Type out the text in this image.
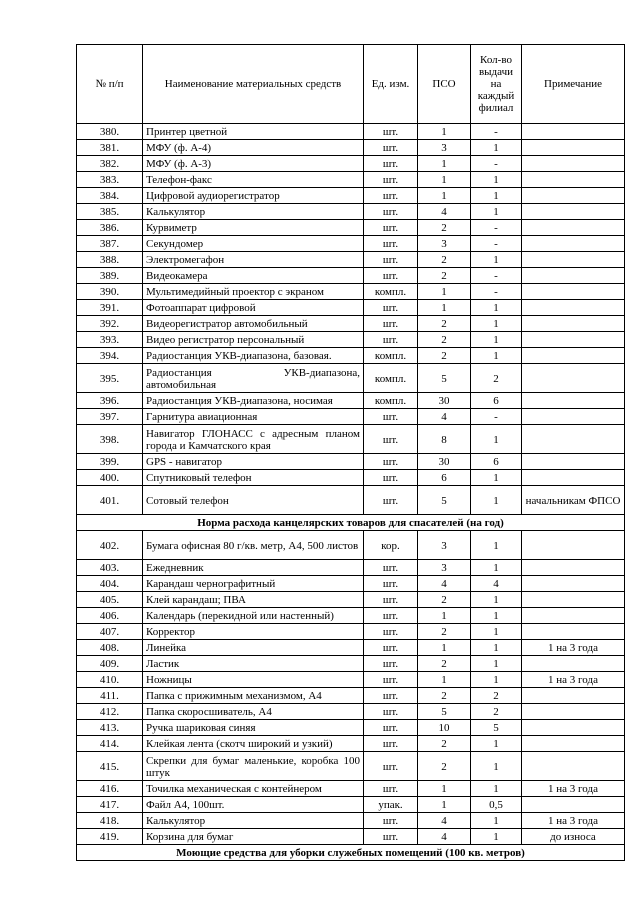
№ п/п	Наименование материальных средств	Ед. изм.	ПСО	Кол-во выдачи на каждый филиал	Примечание
380.	Принтер цветной	шт.	1	-	
381.	МФУ (ф. А-4)	шт.	3	1	
382.	МФУ (ф. А-3)	шт.	1	-	
383.	Телефон-факс	шт.	1	1	
384.	Цифровой аудиорегистратор	шт.	1	1	
385.	Калькулятор	шт.	4	1	
386.	Курвиметр	шт.	2	-	
387.	Секундомер	шт.	3	-	
388.	Электромегафон	шт.	2	1	
389.	Видеокамера	шт.	2	-	
390.	Мультимедийный проектор с экраном	компл.	1	-	
391.	Фотоаппарат цифровой	шт.	1	1	
392.	Видеорегистратор автомобильный	шт.	2	1	
393.	Видео регистратор персональный	шт.	2	1	
394.	Радиостанция УКВ-диапазона, базовая.	компл.	2	1	
395.	Радиостанция УКВ-диапазона, автомобильная	компл.	5	2	
396.	Радиостанция УКВ-диапазона, носимая	компл.	30	6	
397.	Гарнитура авиационная	шт.	4	-	
398.	Навигатор ГЛОНАСС с адресным планом города и Камчатского края	шт.	8	1	
399.	GPS - навигатор	шт.	30	6	
400.	Спутниковый телефон	шт.	6	1	
401.	Сотовый телефон	шт.	5	1	начальникам ФПСО
Норма расхода канцелярских товаров для спасателей (на год)					
402.	Бумага офисная 80 г/кв. метр, А4, 500 листов	кор.	3	1	
403.	Ежедневник	шт.	3	1	
404.	Карандаш чернографитный	шт.	4	4	
405.	Клей карандаш; ПВА	шт.	2	1	
406.	Календарь (перекидной или настенный)	шт.	1	1	
407.	Корректор	шт.	2	1	
408.	Линейка	шт.	1	1	1 на 3 года
409.	Ластик	шт.	2	1	
410.	Ножницы	шт.	1	1	1 на 3 года
411.	Папка с прижимным механизмом, А4	шт.	2	2	
412.	Папка скоросшиватель, А4	шт.	5	2	
413.	Ручка шариковая синяя	шт.	10	5	
414.	Клейкая лента (скотч широкий и узкий)	шт.	2	1	
415.	Скрепки для бумаг маленькие, коробка 100 штук	шт.	2	1	
416.	Точилка механическая с контейнером	шт.	1	1	1 на 3 года
417.	Файл А4, 100шт.	упак.	1	0,5	
418.	Калькулятор	шт.	4	1	1 на 3 года
419.	Корзина для бумаг	шт.	4	1	до износа
Моющие средства для уборки служебных помещений (100 кв. метров)					
